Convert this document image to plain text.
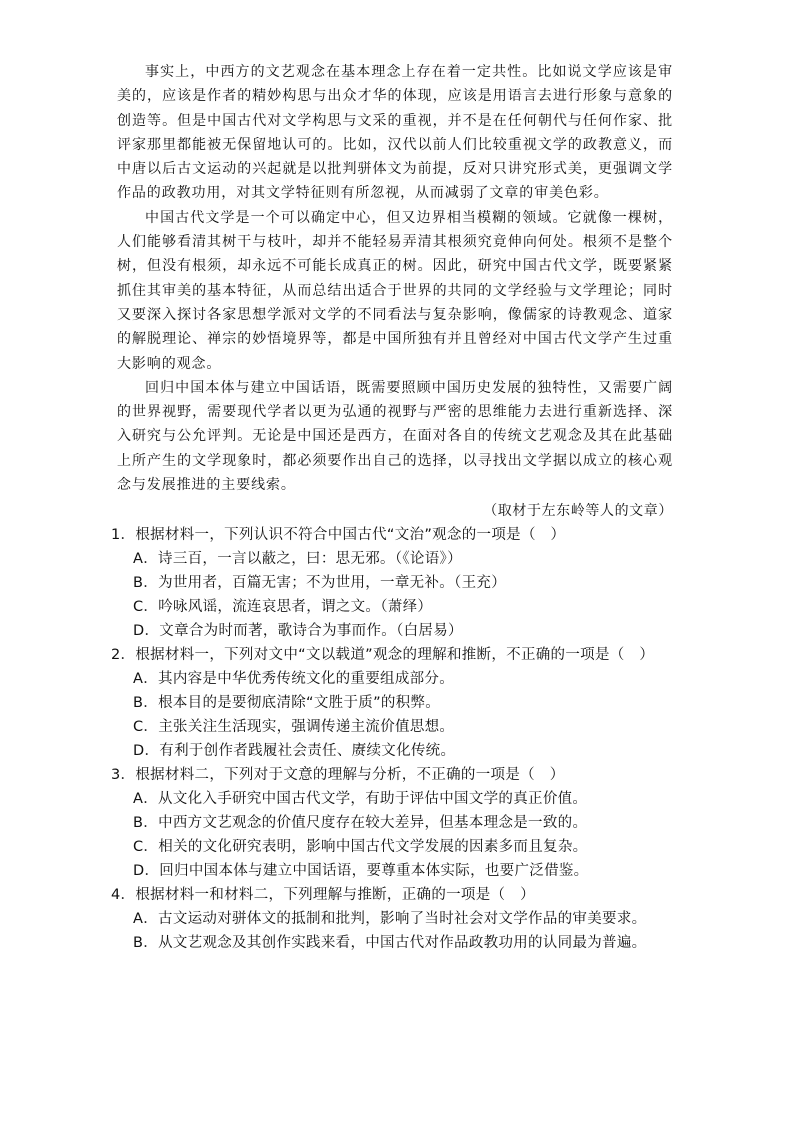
事实上，中西方的文艺观念在基本理念上存在着一定共性。比如说文学应该是审美的，应该是作者的精妙构思与出众才华的体现，应该是用语言去进行形象与意象的创造等。但是中国古代对文学构思与文采的重视，并不是在任何朝代与任何作家、批评家那里都能被无保留地认可的。比如，汉代以前人们比较重视文学的政教意义，而中唐以后古文运动的兴起就是以批判骈体文为前提，反对只讲究形式美，更强调文学作品的政教功用，对其文学特征则有所忽视，从而减弱了文章的审美色彩。

中国古代文学是一个可以确定中心，但又边界相当模糊的领域。它就像一棵树，人们能够看清其树干与枝叶，却并不能轻易弄清其根须究竟伸向何处。根须不是整个树，但没有根须，却永远不可能长成真正的树。因此，研究中国古代文学，既要紧紧抓住其审美的基本特征，从而总结出适合于世界的共同的文学经验与文学理论；同时又要深入探讨各家思想学派对文学的不同看法与复杂影响，像儒家的诗教观念、道家的解脱理论、禅宗的妙悟境界等，都是中国所独有并且曾经对中国古代文学产生过重大影响的观念。

回归中国本体与建立中国话语，既需要照顾中国历史发展的独特性，又需要广阔的世界视野，需要现代学者以更为弘通的视野与严密的思维能力去进行重新选择、深入研究与公允评判。无论是中国还是西方，在面对各自的传统文艺观念及其在此基础上所产生的文学现象时，都必须要作出自己的选择，以寻找出文学据以成立的核心观念与发展推进的主要线索。

（取材于左东岭等人的文章）

1．根据材料一，下列认识不符合中国古代“文治”观念的一项是（　）
A．诗三百，一言以蔽之，曰：思无邪。（《论语》）
B．为世用者，百篇无害；不为世用，一章无补。（王充）
C．吟咏风谣，流连哀思者，谓之文。（萧绎）
D．文章合为时而著，歌诗合为事而作。（白居易）
2．根据材料一，下列对文中“文以载道”观念的理解和推断，不正确的一项是（　）
A．其内容是中华优秀传统文化的重要组成部分。
B．根本目的是要彻底清除“文胜于质”的积弊。
C．主张关注生活现实，强调传递主流价值思想。
D．有利于创作者践履社会责任、赓续文化传统。
3．根据材料二，下列对于文意的理解与分析，不正确的一项是（　）
A．从文化入手研究中国古代文学，有助于评估中国文学的真正价值。
B．中西方文艺观念的价值尺度存在较大差异，但基本理念是一致的。
C．相关的文化研究表明，影响中国古代文学发展的因素多而且复杂。
D．回归中国本体与建立中国话语，要尊重本体实际，也要广泛借鉴。
4．根据材料一和材料二，下列理解与推断，正确的一项是（　）
A．古文运动对骈体文的抵制和批判，影响了当时社会对文学作品的审美要求。
B．从文艺观念及其创作实践来看，中国古代对作品政教功用的认同最为普遍。
